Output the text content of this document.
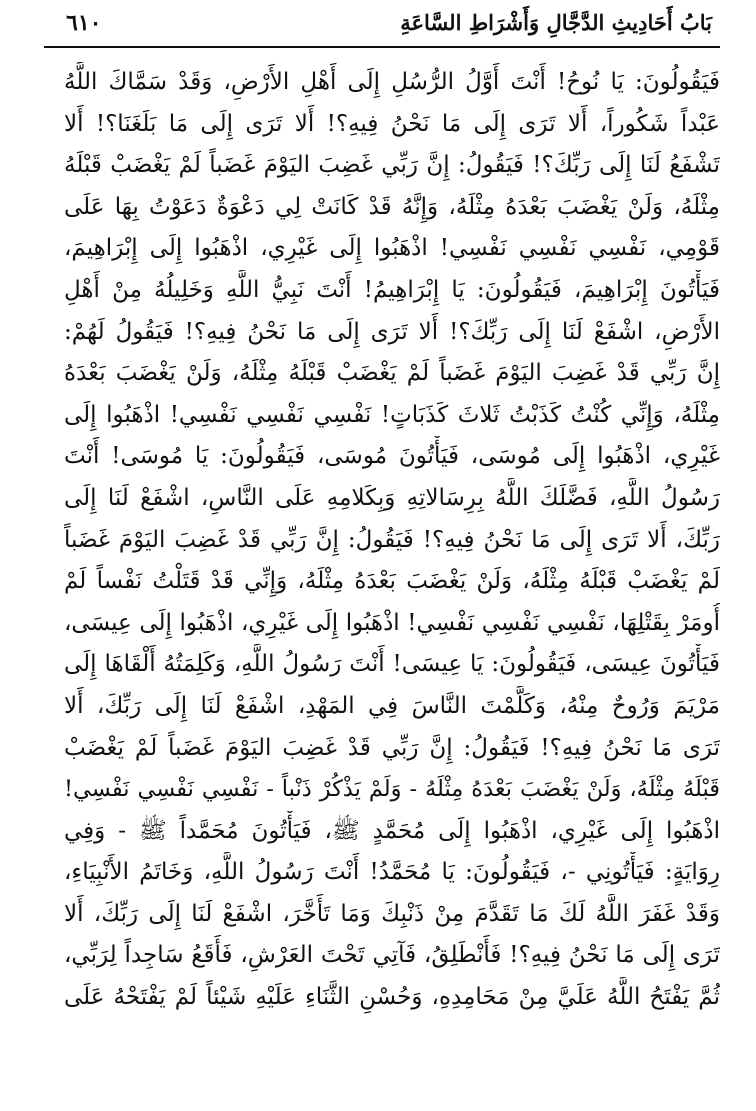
بَابُ أَحَادِيثِ الدَّجَّالِ وَأَشْرَاطِ السَّاعَةِ
٦١٠
فَيَقُولُونَ: يَا نُوحُ! أَنْتَ أَوَّلُ الرُّسُلِ إِلَى أَهْلِ الأَرْضِ، وَقَدْ سَمَّاكَ اللَّهُ
عَبْداً شَكُوراً، أَلا تَرَى إِلَى مَا نَحْنُ فِيهِ؟! أَلا تَرَى إِلَى مَا بَلَغَنَا؟! أَلا
تَشْفَعُ لَنَا إِلَى رَبِّكَ؟! فَيَقُولُ: إِنَّ رَبِّي غَضِبَ اليَوْمَ غَضَباً لَمْ يَغْضَبْ قَبْلَهُ
مِثْلَهُ، وَلَنْ يَغْضَبَ بَعْدَهُ مِثْلَهُ، وَإِنَّهُ قَدْ كَانَتْ لِي دَعْوَةٌ دَعَوْتُ بِهَا عَلَى
قَوْمِي، نَفْسِي نَفْسِي نَفْسِي! اذْهَبُوا إِلَى غَيْرِي، اذْهَبُوا إِلَى إِبْرَاهِيمَ،
فَيَأْتُونَ إِبْرَاهِيمَ، فَيَقُولُونَ: يَا إِبْرَاهِيمُ! أَنْتَ نَبِيُّ اللَّهِ وَخَلِيلُهُ مِنْ أَهْلِ
الأَرْضِ، اشْفَعْ لَنَا إِلَى رَبِّكَ؟! أَلا تَرَى إِلَى مَا نَحْنُ فِيهِ؟! فَيَقُولُ لَهُمْ:
إِنَّ رَبِّي قَدْ غَضِبَ اليَوْمَ غَضَباً لَمْ يَغْضَبْ قَبْلَهُ مِثْلَهُ، وَلَنْ يَغْضَبَ بَعْدَهُ
مِثْلَهُ، وَإِنِّي كُنْتُ كَذَبْتُ ثَلاثَ كَذَبَاتٍ! نَفْسِي نَفْسِي نَفْسِي! اذْهَبُوا إِلَى
غَيْرِي، اذْهَبُوا إِلَى مُوسَى، فَيَأْتُونَ مُوسَى، فَيَقُولُونَ: يَا مُوسَى! أَنْتَ
رَسُولُ اللَّهِ، فَضَّلَكَ اللَّهُ بِرِسَالاتِهِ وَبِكَلامِهِ عَلَى النَّاسِ، اشْفَعْ لَنَا إِلَى
رَبِّكَ، أَلا تَرَى إِلَى مَا نَحْنُ فِيهِ؟! فَيَقُولُ: إِنَّ رَبِّي قَدْ غَضِبَ اليَوْمَ غَضَباً
لَمْ يَغْضَبْ قَبْلَهُ مِثْلَهُ، وَلَنْ يَغْضَبَ بَعْدَهُ مِثْلَهُ، وَإِنِّي قَدْ قَتَلْتُ نَفْساً لَمْ
أُومَرْ بِقَتْلِهَا، نَفْسِي نَفْسِي نَفْسِي! اذْهَبُوا إِلَى غَيْرِي، اذْهَبُوا إِلَى عِيسَى،
فَيَأْتُونَ عِيسَى، فَيَقُولُونَ: يَا عِيسَى! أَنْتَ رَسُولُ اللَّهِ، وَكَلِمَتُهُ أَلْقَاهَا إِلَى
مَرْيَمَ وَرُوحٌ مِنْهُ، وَكَلَّمْتَ النَّاسَ فِي المَهْدِ، اشْفَعْ لَنَا إِلَى رَبِّكَ، أَلا
تَرَى مَا نَحْنُ فِيهِ؟! فَيَقُولُ: إِنَّ رَبِّي قَدْ غَضِبَ اليَوْمَ غَضَباً لَمْ يَغْضَبْ
قَبْلَهُ مِثْلَهُ، وَلَنْ يَغْضَبَ بَعْدَهُ مِثْلَهُ - وَلَمْ يَذْكُرْ ذَنْباً - نَفْسِي نَفْسِي نَفْسِي!
اذْهَبُوا إِلَى غَيْرِي، اذْهَبُوا إِلَى مُحَمَّدٍ ﷺ، فَيَأْتُونَ مُحَمَّداً ﷺ - وَفِي
رِوَايَةٍ: فَيَأْتُونِي -، فَيَقُولُونَ: يَا مُحَمَّدُ! أَنْتَ رَسُولُ اللَّهِ، وَخَاتَمُ الأَنْبِيَاءِ،
وَقَدْ غَفَرَ اللَّهُ لَكَ مَا تَقَدَّمَ مِنْ ذَنْبِكَ وَمَا تَأَخَّرَ، اشْفَعْ لَنَا إِلَى رَبِّكَ، أَلا
تَرَى إِلَى مَا نَحْنُ فِيهِ؟! فَأَنْطَلِقُ، فَآتِي تَحْتَ العَرْشِ، فَأَقَعُ سَاجِداً لِرَبِّي،
ثُمَّ يَفْتَحُ اللَّهُ عَلَيَّ مِنْ مَحَامِدِهِ، وَحُسْنِ الثَّنَاءِ عَلَيْهِ شَيْئاً لَمْ يَفْتَحْهُ عَلَى
